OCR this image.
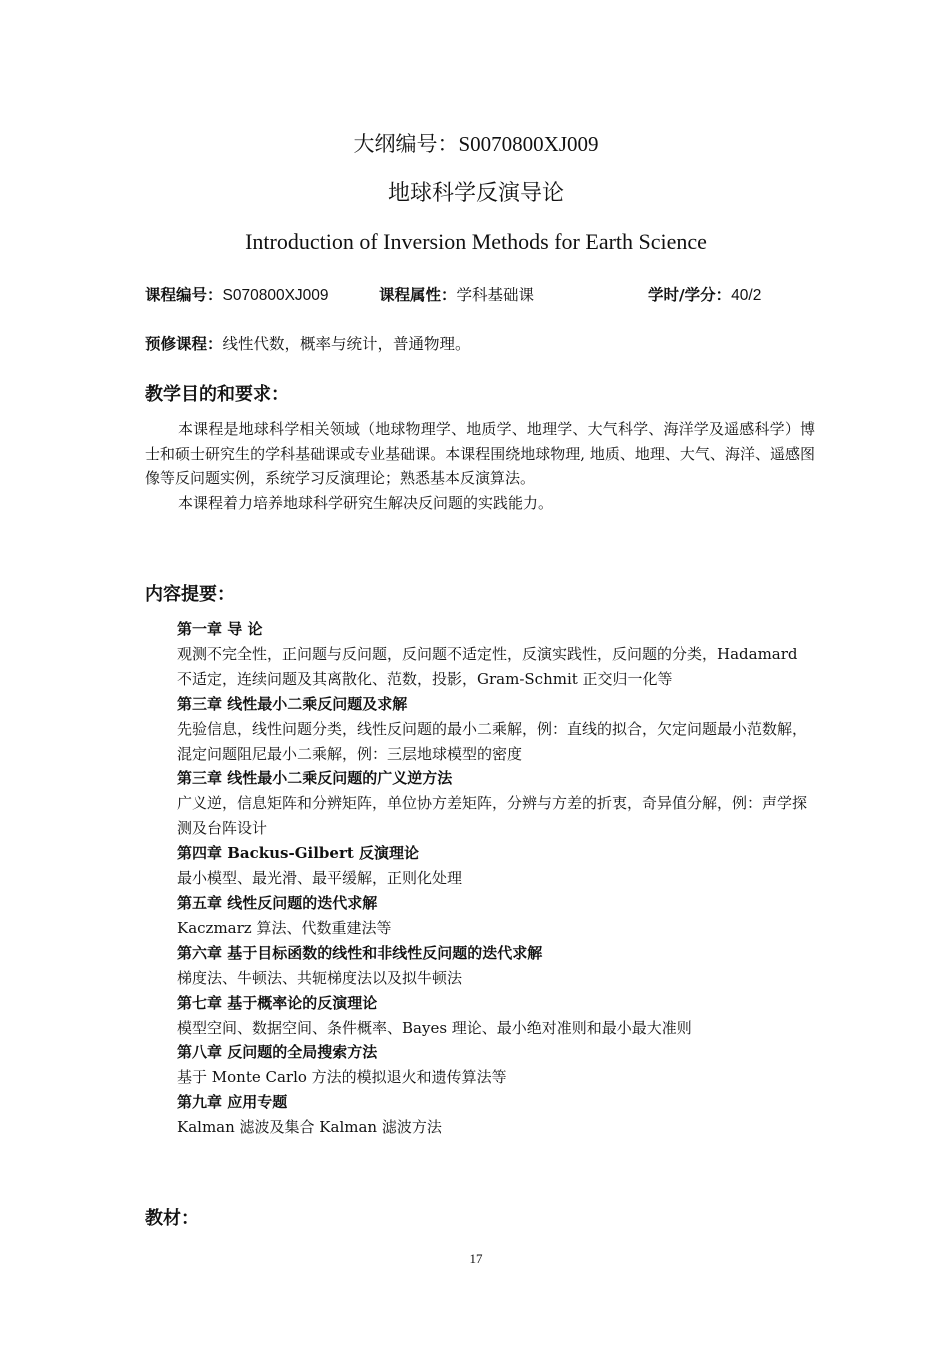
大纲编号：S0070800XJ009
地球科学反演导论
Introduction of Inversion Methods for Earth Science
课程编号：S070800XJ009	课程属性：学科基础课	学时/学分：40/2
预修课程：线性代数，概率与统计，普通物理。
教学目的和要求：

本课程是地球科学相关领域（地球物理学、地质学、地理学、大气科学、海洋学及遥感科学）博士和硕士研究生的学科基础课或专业基础课。本课程围绕地球物理, 地质、地理、大气、海洋、遥感图像等反问题实例，系统学习反演理论；熟悉基本反演算法。

本课程着力培养地球科学研究生解决反问题的实践能力。

内容提要：

第一章 导 论

观测不完全性，正问题与反问题，反问题不适定性，反演实践性，反问题的分类，Hadamard 不适定，连续问题及其离散化、范数，投影，Gram-Schmit 正交归一化等

第三章 线性最小二乘反问题及求解

先验信息，线性问题分类，线性反问题的最小二乘解，例：直线的拟合，欠定问题最小范数解，混定问题阻尼最小二乘解，例：三层地球模型的密度

第三章 线性最小二乘反问题的广义逆方法

广义逆，信息矩阵和分辨矩阵，单位协方差矩阵，分辨与方差的折衷，奇异值分解，例：声学探测及台阵设计

第四章 Backus-Gilbert 反演理论

最小模型、最光滑、最平缓解，正则化处理

第五章 线性反问题的迭代求解

Kaczmarz 算法、代数重建法等

第六章 基于目标函数的线性和非线性反问题的迭代求解

梯度法、牛顿法、共轭梯度法以及拟牛顿法

第七章 基于概率论的反演理论

模型空间、数据空间、条件概率、Bayes 理论、最小绝对准则和最小最大准则

第八章 反问题的全局搜索方法

基于 Monte Carlo 方法的模拟退火和遗传算法等

第九章 应用专题

Kalman 滤波及集合 Kalman 滤波方法

教材：
17
